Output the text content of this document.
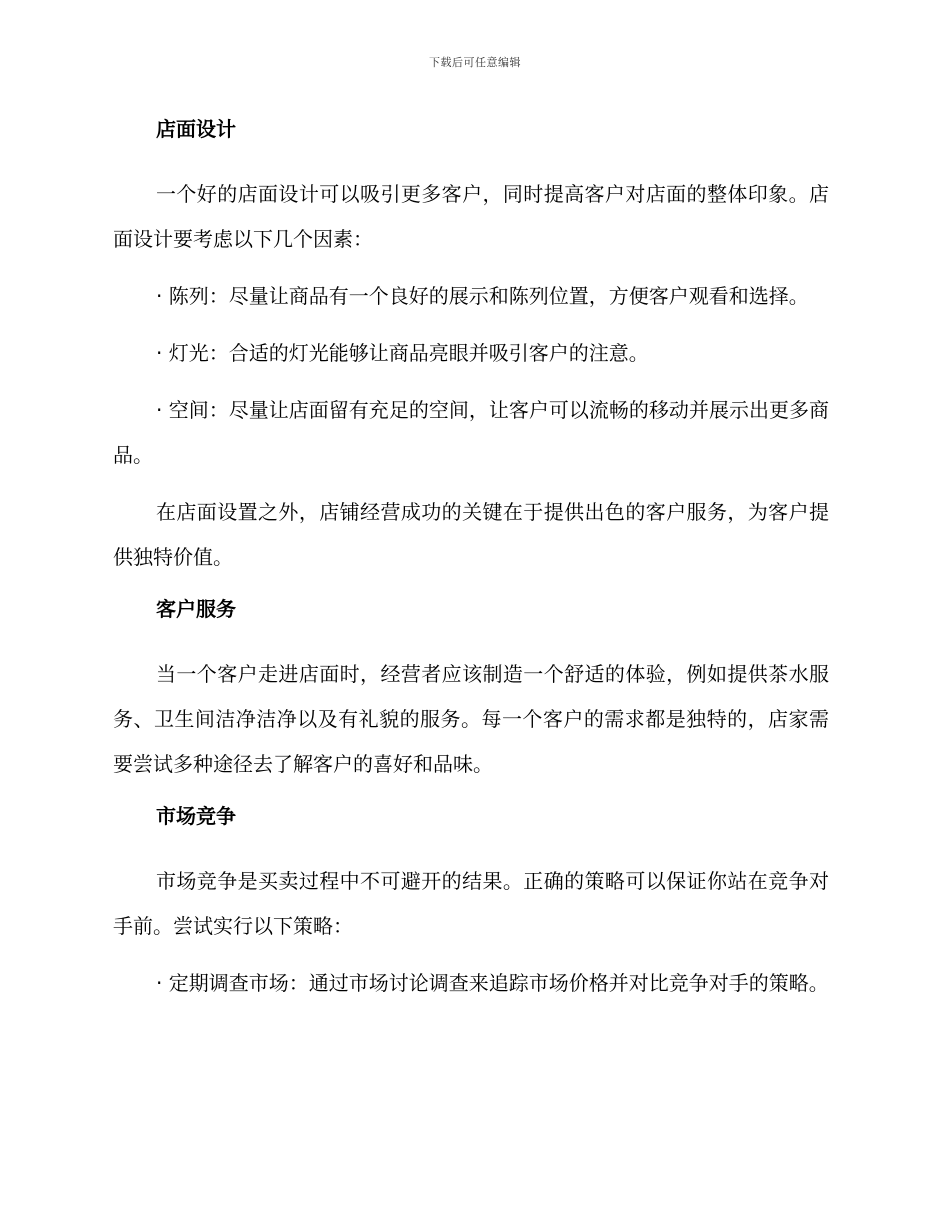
下载后可任意编辑
店面设计

一个好的店面设计可以吸引更多客户，同时提高客户对店面的整体印象。店面设计要考虑以下几个因素：

· 陈列：尽量让商品有一个良好的展示和陈列位置，方便客户观看和选择。

· 灯光：合适的灯光能够让商品亮眼并吸引客户的注意。

· 空间：尽量让店面留有充足的空间，让客户可以流畅的移动并展示出更多商品。

在店面设置之外，店铺经营成功的关键在于提供出色的客户服务，为客户提供独特价值。

客户服务

当一个客户走进店面时，经营者应该制造一个舒适的体验，例如提供茶水服务、卫生间洁净洁净以及有礼貌的服务。每一个客户的需求都是独特的，店家需要尝试多种途径去了解客户的喜好和品味。

市场竞争

市场竞争是买卖过程中不可避开的结果。正确的策略可以保证你站在竞争对手前。尝试实行以下策略：

· 定期调查市场：通过市场讨论调查来追踪市场价格并对比竞争对手的策略。
